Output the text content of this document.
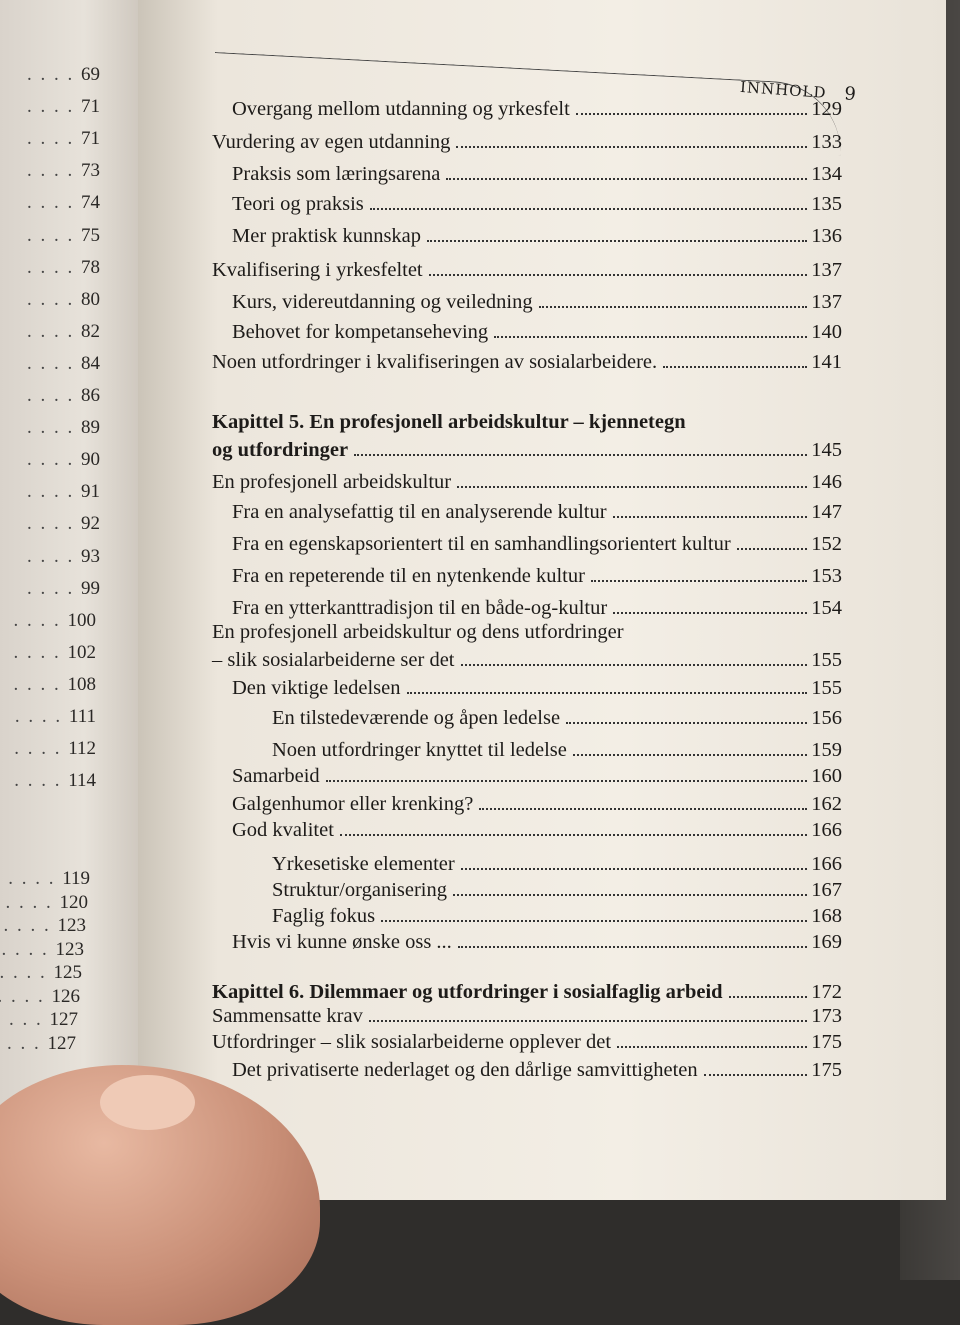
. . . 69
. . . 71
. . . 71
. . . 73
. . . 74
. . . 75
. . . 78
. . . 80
. . . 82
. . . 84
. . . 86
. . . 89
. . . 90
. . . 91
. . . 92
. . . 93
. . . 99
. . . 100
. . . 102
. . . 108
. . . 111
. . . 112
. . . 114
. . . 119
. . . 120
. . . 123
. . . 123
. . . 125
. . . 126
. . . 127
. . . 127
INNHOLD 9
Overgang mellom utdanning og yrkesfelt	129
Vurdering av egen utdanning	133
Praksis som læringsarena	134
Teori og praksis	135
Mer praktisk kunnskap	136
Kvalifisering i yrkesfeltet	137
Kurs, videreutdanning og veiledning	137
Behovet for kompetanseheving	140
Noen utfordringer i kvalifiseringen av sosialarbeidere.	141
Kapittel 5. En profesjonell arbeidskultur – kjennetegn
og utfordringer	145
En profesjonell arbeidskultur	146
Fra en analysefattig til en analyserende kultur	147
Fra en egenskapsorientert til en samhandlingsorientert kultur	152
Fra en repeterende til en nytenkende kultur	153
Fra en ytterkanttradisjon til en både-og-kultur	154
En profesjonell arbeidskultur og dens utfordringer
– slik sosialarbeiderne ser det	155
Den viktige ledelsen	155
En tilstedeværende og åpen ledelse	156
Noen utfordringer knyttet til ledelse	159
Samarbeid	160
Galgenhumor eller krenking?	162
God kvalitet	166
Yrkesetiske elementer	166
Struktur/organisering	167
Faglig fokus	168
Hvis vi kunne ønske oss ...	169
Kapittel 6. Dilemmaer og utfordringer i sosialfaglig arbeid	172
Sammensatte krav	173
Utfordringer – slik sosialarbeiderne opplever det	175
Det privatiserte nederlaget og den dårlige samvittigheten	175
